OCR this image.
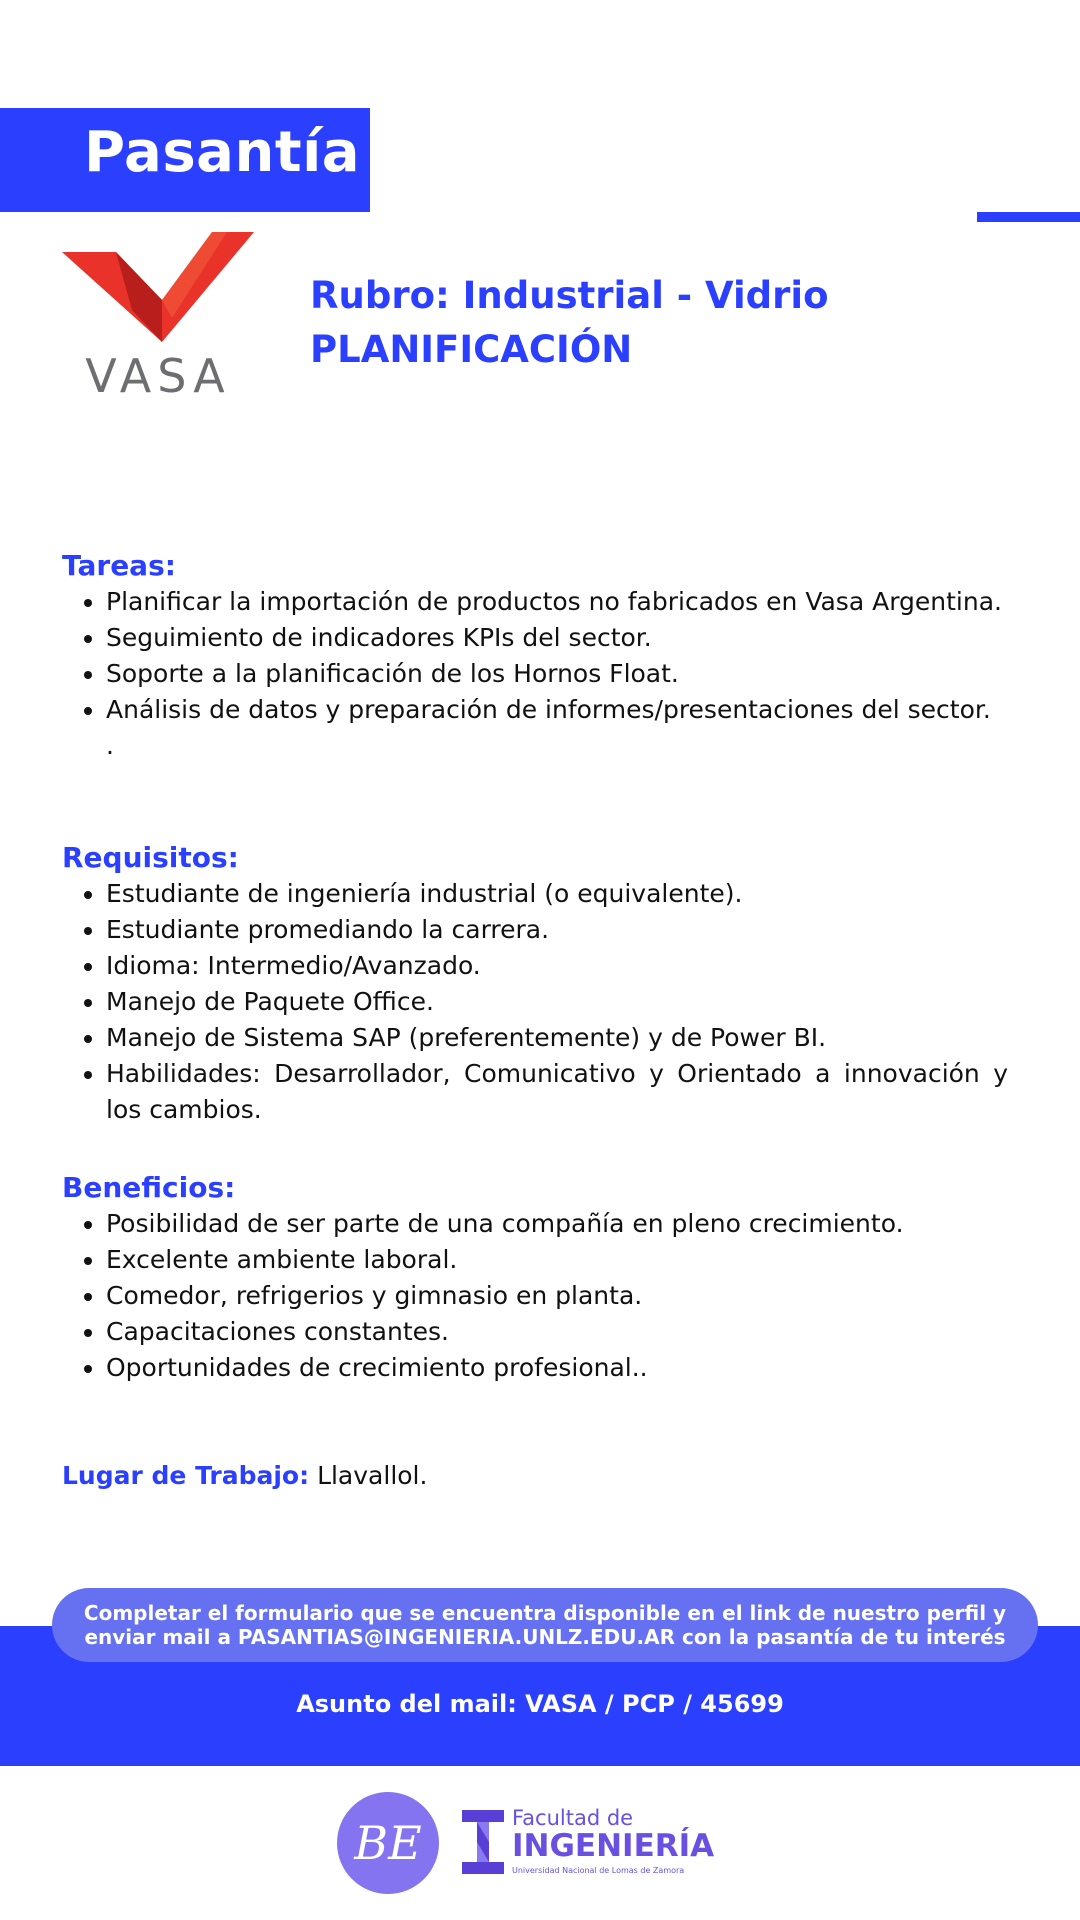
Pasantía
VASA
Rubro: Industrial - Vidrio
PLANIFICACIÓN
Tareas:
• Planificar la importación de productos no fabricados en Vasa Argentina.
• Seguimiento de indicadores KPIs del sector.
• Soporte a la planificación de los Hornos Float.
• Análisis de datos y preparación de informes/presentaciones del sector.
.
Requisitos:
• Estudiante de ingeniería industrial (o equivalente).
• Estudiante promediando la carrera.
• Idioma: Intermedio/Avanzado.
• Manejo de Paquete Office.
• Manejo de Sistema SAP (preferentemente) y de Power BI.
• Habilidades: Desarrollador, Comunicativo y Orientado a innovación y los cambios.
Beneficios:
• Posibilidad de ser parte de una compañía en pleno crecimiento.
• Excelente ambiente laboral.
• Comedor, refrigerios y gimnasio en planta.
• Capacitaciones constantes.
• Oportunidades de crecimiento profesional..
Lugar de Trabajo: Llavallol.
Completar el formulario que se encuentra disponible en el link de nuestro perfil y enviar mail a PASANTIAS@INGENIERIA.UNLZ.EDU.AR con la pasantía de tu interés
Asunto del mail: VASA / PCP / 45699
BE	Facultad de
INGENIERÍA
Universidad Nacional de Lomas de Zamora
